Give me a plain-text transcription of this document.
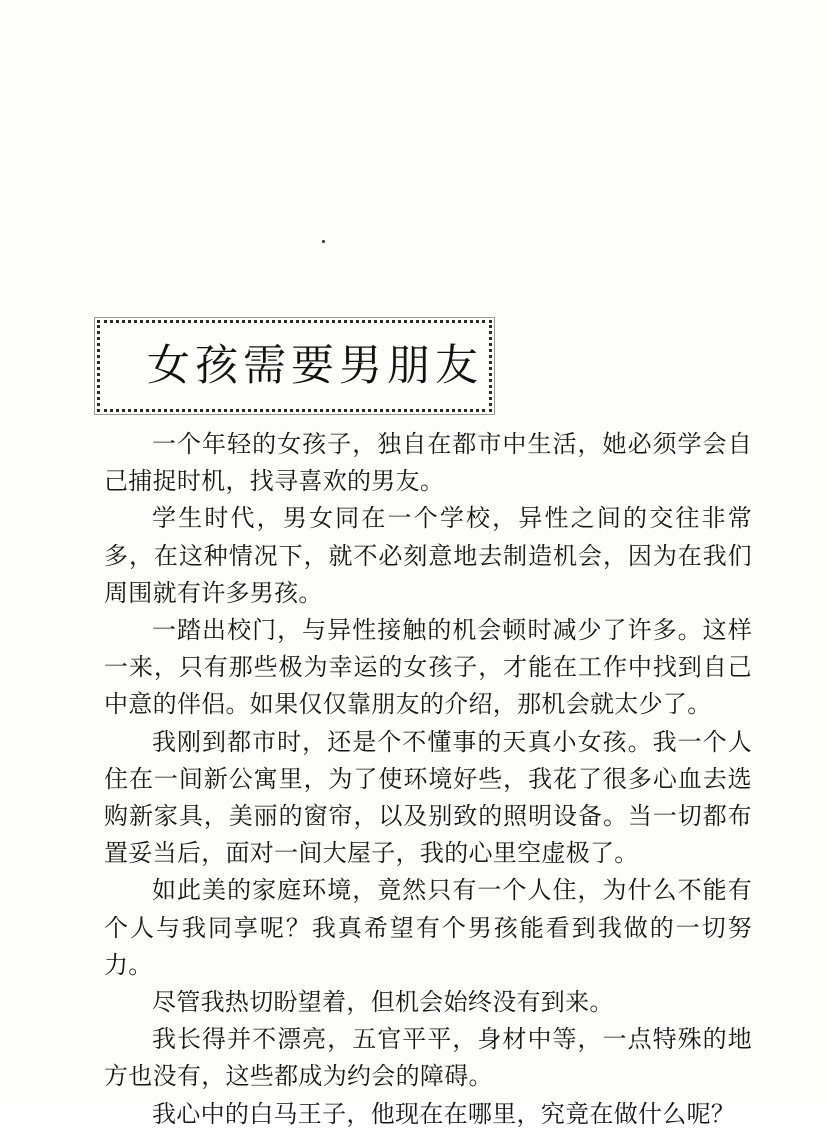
女孩需要男朋友

一个年轻的女孩子，独自在都市中生活，她必须学会自己捕捉时机，找寻喜欢的男友。

学生时代，男女同在一个学校，异性之间的交往非常多，在这种情况下，就不必刻意地去制造机会，因为在我们周围就有许多男孩。

一踏出校门，与异性接触的机会顿时减少了许多。这样一来，只有那些极为幸运的女孩子，才能在工作中找到自己中意的伴侣。如果仅仅靠朋友的介绍，那机会就太少了。

我刚到都市时，还是个不懂事的天真小女孩。我一个人住在一间新公寓里，为了使环境好些，我花了很多心血去选购新家具，美丽的窗帘，以及别致的照明设备。当一切都布置妥当后，面对一间大屋子，我的心里空虚极了。

如此美的家庭环境，竟然只有一个人住，为什么不能有个人与我同享呢？我真希望有个男孩能看到我做的一切努力。

尽管我热切盼望着，但机会始终没有到来。

我长得并不漂亮，五官平平，身材中等，一点特殊的地方也没有，这些都成为约会的障碍。

我心中的白马王子，他现在在哪里，究竟在做什么呢？
